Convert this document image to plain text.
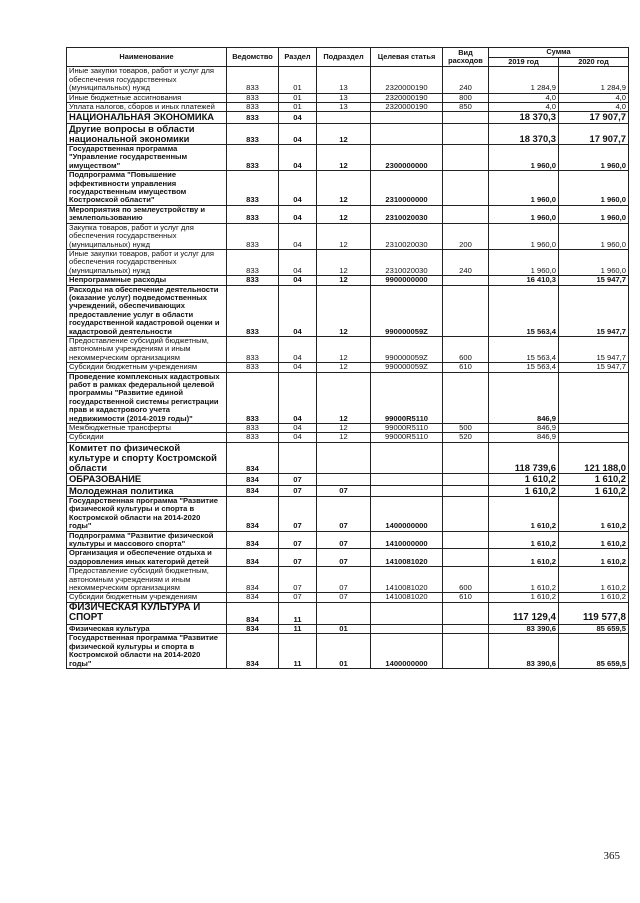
Наименование	Ведомство	Раздел	Подраздел	Целевая статья	Вид расходов	Сумма	
						2019 год	2020 год
Иные закупки товаров, работ и услуг для обеспечения государственных (муниципальных) нужд	833	01	13	2320000190	240	1 284,9	1 284,9
Иные бюджетные ассигнования	833	01	13	2320000190	800	4,0	4,0
Уплата налогов, сборов и иных платежей	833	01	13	2320000190	850	4,0	4,0
НАЦИОНАЛЬНАЯ ЭКОНОМИКА	833	04				18 370,3	17 907,7
Другие вопросы в области национальной экономики	833	04	12			18 370,3	17 907,7
Государственная программа "Управление государственным имуществом"	833	04	12	2300000000		1 960,0	1 960,0
Подпрограмма "Повышение эффективности управления государственным имуществом Костромской области"	833	04	12	2310000000		1 960,0	1 960,0
Мероприятия по землеустройству и землепользованию	833	04	12	2310020030		1 960,0	1 960,0
Закупка товаров, работ и услуг для обеспечения государственных (муниципальных) нужд	833	04	12	2310020030	200	1 960,0	1 960,0
Иные закупки товаров, работ и услуг для обеспечения государственных (муниципальных) нужд	833	04	12	2310020030	240	1 960,0	1 960,0
Непрограммные расходы	833	04	12	9900000000		16 410,3	15 947,7
Расходы на обеспечение деятельности (оказание услуг) подведомственных учреждений, обеспечивающих предоставление услуг в области государственной кадастровой оценки и кадастровой деятельности	833	04	12	990000059Z		15 563,4	15 947,7
Предоставление субсидий бюджетным, автономным учреждениям и иным некоммерческим организациям	833	04	12	990000059Z	600	15 563,4	15 947,7
Субсидии бюджетным учреждениям	833	04	12	990000059Z	610	15 563,4	15 947,7
Проведение комплексных кадастровых работ в рамках федеральной целевой программы "Развитие единой государственной системы регистрации прав и кадастрового учета недвижимости (2014-2019 годы)"	833	04	12	99000R5110		846,9	
Межбюджетные трансферты	833	04	12	99000R5110	500	846,9	
Субсидии	833	04	12	99000R5110	520	846,9	
Комитет по физической культуре и спорту Костромской области	834					118 739,6	121 188,0
ОБРАЗОВАНИЕ	834	07				1 610,2	1 610,2
Молодежная политика	834	07	07			1 610,2	1 610,2
Государственная программа "Развитие физической культуры и спорта в Костромской области на 2014-2020 годы"	834	07	07	1400000000		1 610,2	1 610,2
Подпрограмма "Развитие физической культуры и массового спорта"	834	07	07	1410000000		1 610,2	1 610,2
Организация и обеспечение отдыха и оздоровления иных категорий детей	834	07	07	1410081020		1 610,2	1 610,2
Предоставление субсидий бюджетным, автономным учреждениям и иным некоммерческим организациям	834	07	07	1410081020	600	1 610,2	1 610,2
Субсидии бюджетным учреждениям	834	07	07	1410081020	610	1 610,2	1 610,2
ФИЗИЧЕСКАЯ КУЛЬТУРА И СПОРТ	834	11				117 129,4	119 577,8
Физическая культура	834	11	01			83 390,6	85 659,5
Государственная программа "Развитие физической культуры и спорта в Костромской области на 2014-2020 годы"	834	11	01	1400000000		83 390,6	85 659,5
365
